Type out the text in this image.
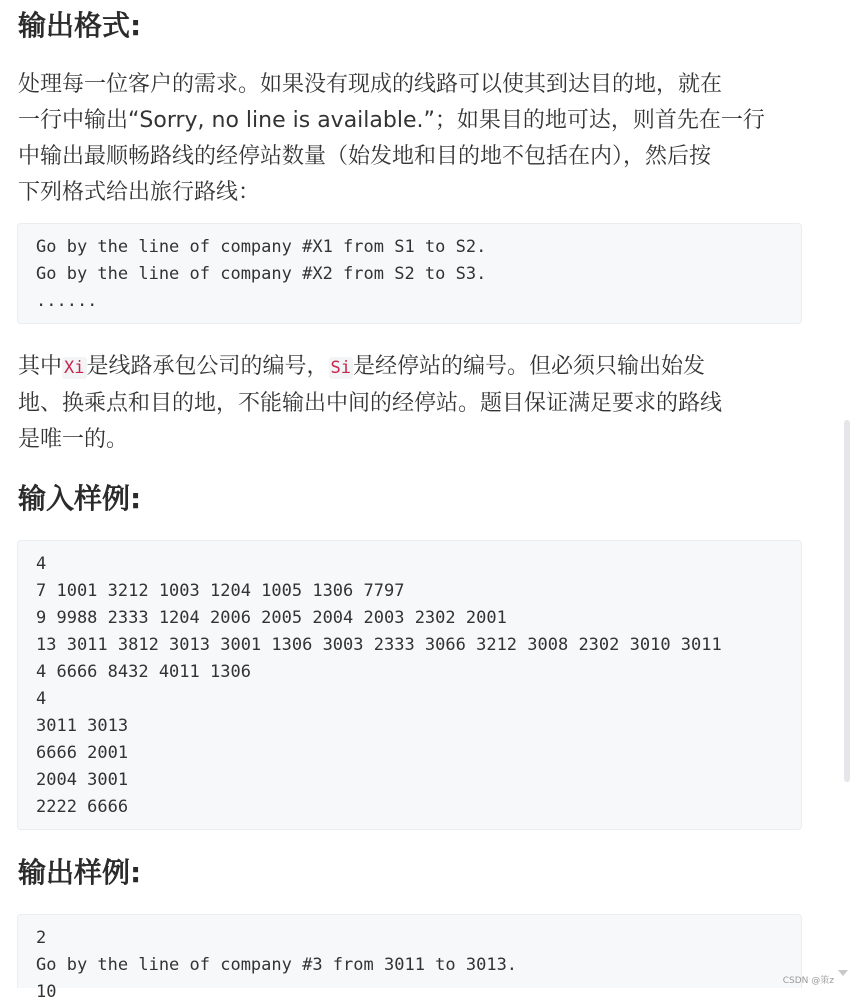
输出格式:
处理每一位客户的需求。如果没有现成的线路可以使其到达目的地，就在
一行中输出“Sorry, no line is available.”；如果目的地可达，则首先在一行
中输出最顺畅路线的经停站数量（始发地和目的地不包括在内），然后按
下列格式给出旅行路线：
Go by the line of company #X1 from S1 to S2.
Go by the line of company #X2 from S2 to S3.
......
其中 Xi是线路承包公司的编号， Si是经停站的编号。但必须只输出始发
地、换乘点和目的地，不能输出中间的经停站。题目保证满足要求的路线
是唯一的。
输入样例:
4
7 1001 3212 1003 1204 1005 1306 7797
9 9988 2333 1204 2006 2005 2004 2003 2302 2001
13 3011 3812 3013 3001 1306 3003 2333 3066 3212 3008 2302 3010 3011
4 6666 8432 4011 1306
4
3011 3013
6666 2001
2004 3001
2222 6666
输出样例:
2
Go by the line of company #3 from 3011 to 3013.
10
CSDN @策z
